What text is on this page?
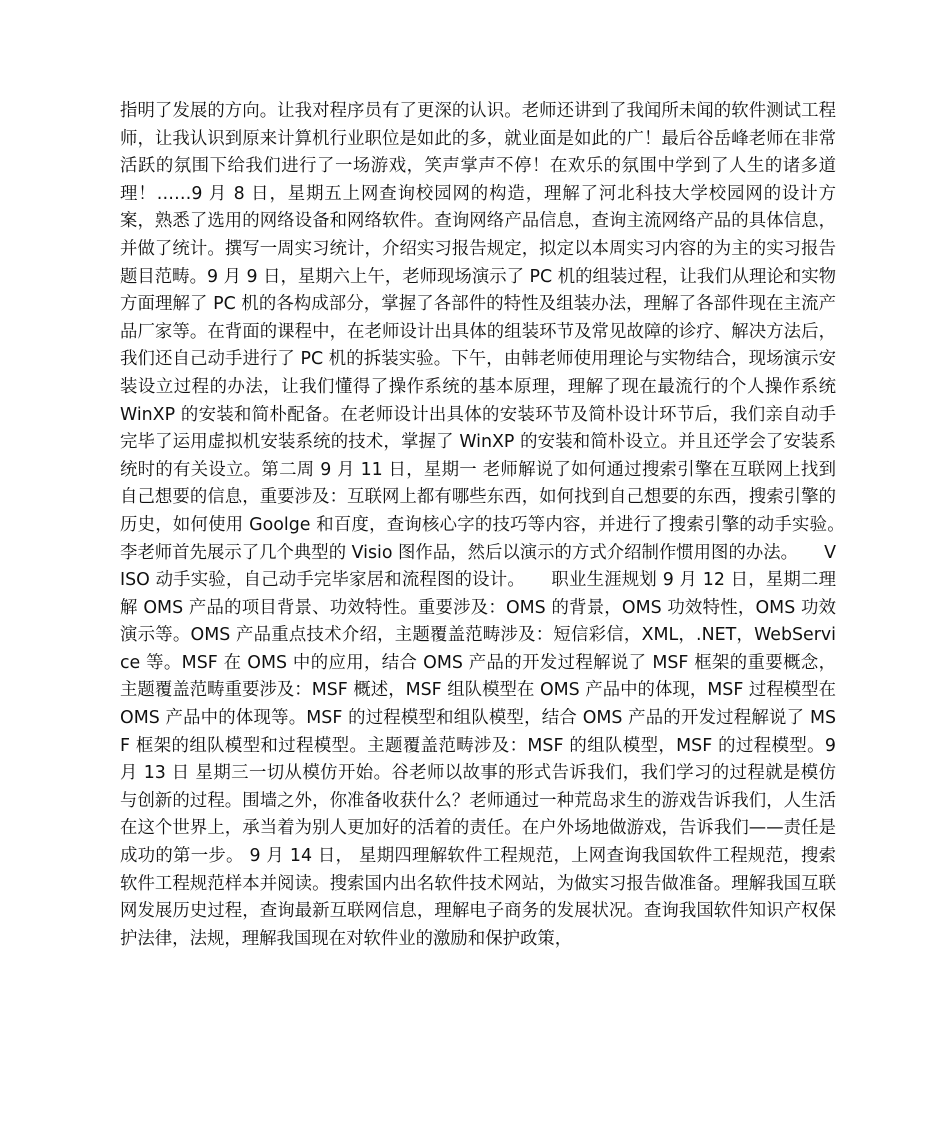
指明了发展的方向。让我对程序员有了更深的认识。老师还讲到了我闻所未闻的软件测试工程师，让我认识到原来计算机行业职位是如此的多，就业面是如此的广！最后谷岳峰老师在非常活跃的氛围下给我们进行了一场游戏，笑声掌声不停！在欢乐的氛围中学到了人生的诸多道理！……9 月 8 日，星期五上网查询校园网的构造，理解了河北科技大学校园网的设计方案，熟悉了选用的网络设备和网络软件。查询网络产品信息，查询主流网络产品的具体信息，并做了统计。撰写一周实习统计，介绍实习报告规定，拟定以本周实习内容的为主的实习报告题目范畴。9 月 9 日，星期六上午，老师现场演示了 PC 机的组装过程，让我们从理论和实物方面理解了 PC 机的各构成部分，掌握了各部件的特性及组装办法，理解了各部件现在主流产品厂家等。在背面的课程中，在老师设计出具体的组装环节及常见故障的诊疗、解决方法后，我们还自己动手进行了 PC 机的拆装实验。下午，由韩老师使用理论与实物结合，现场演示安装设立过程的办法，让我们懂得了操作系统的基本原理，理解了现在最流行的个人操作系统 WinXP 的安装和简朴配备。在老师设计出具体的安装环节及简朴设计环节后，我们亲自动手完毕了运用虚拟机安装系统的技术，掌握了 WinXP 的安装和简朴设立。并且还学会了安装系统时的有关设立。第二周 9 月 11 日，星期一 老师解说了如何通过搜索引擎在互联网上找到自己想要的信息，重要涉及：互联网上都有哪些东西，如何找到自己想要的东西，搜索引擎的历史，如何使用 Goolge 和百度，查询核心字的技巧等内容，并进行了搜索引擎的动手实验。　　李老师首先展示了几个典型的 Visio 图作品，然后以演示的方式介绍制作惯用图的办法。　　VISO 动手实验，自己动手完毕家居和流程图的设计。　　职业生涯规划 9 月 12 日，星期二理解 OMS 产品的项目背景、功效特性。重要涉及：OMS 的背景，OMS 功效特性，OMS 功效演示等。OMS 产品重点技术介绍，主题覆盖范畴涉及：短信彩信，XML，.NET，WebService 等。MSF 在 OMS 中的应用，结合 OMS 产品的开发过程解说了 MSF 框架的重要概念，主题覆盖范畴重要涉及：MSF 概述，MSF 组队模型在 OMS 产品中的体现，MSF 过程模型在 OMS 产品中的体现等。MSF 的过程模型和组队模型，结合 OMS 产品的开发过程解说了 MSF 框架的组队模型和过程模型。主题覆盖范畴涉及：MSF 的组队模型，MSF 的过程模型。9 月 13 日 星期三一切从模仿开始。谷老师以故事的形式告诉我们，我们学习的过程就是模仿与创新的过程。围墙之外，你准备收获什么？老师通过一种荒岛求生的游戏告诉我们，人生活在这个世界上，承当着为别人更加好的活着的责任。在户外场地做游戏，告诉我们——责任是成功的第一步。 9 月 14 日， 星期四理解软件工程规范，上网查询我国软件工程规范，搜索软件工程规范样本并阅读。搜索国内出名软件技术网站，为做实习报告做准备。理解我国互联网发展历史过程，查询最新互联网信息，理解电子商务的发展状况。查询我国软件知识产权保护法律，法规，理解我国现在对软件业的激励和保护政策，
